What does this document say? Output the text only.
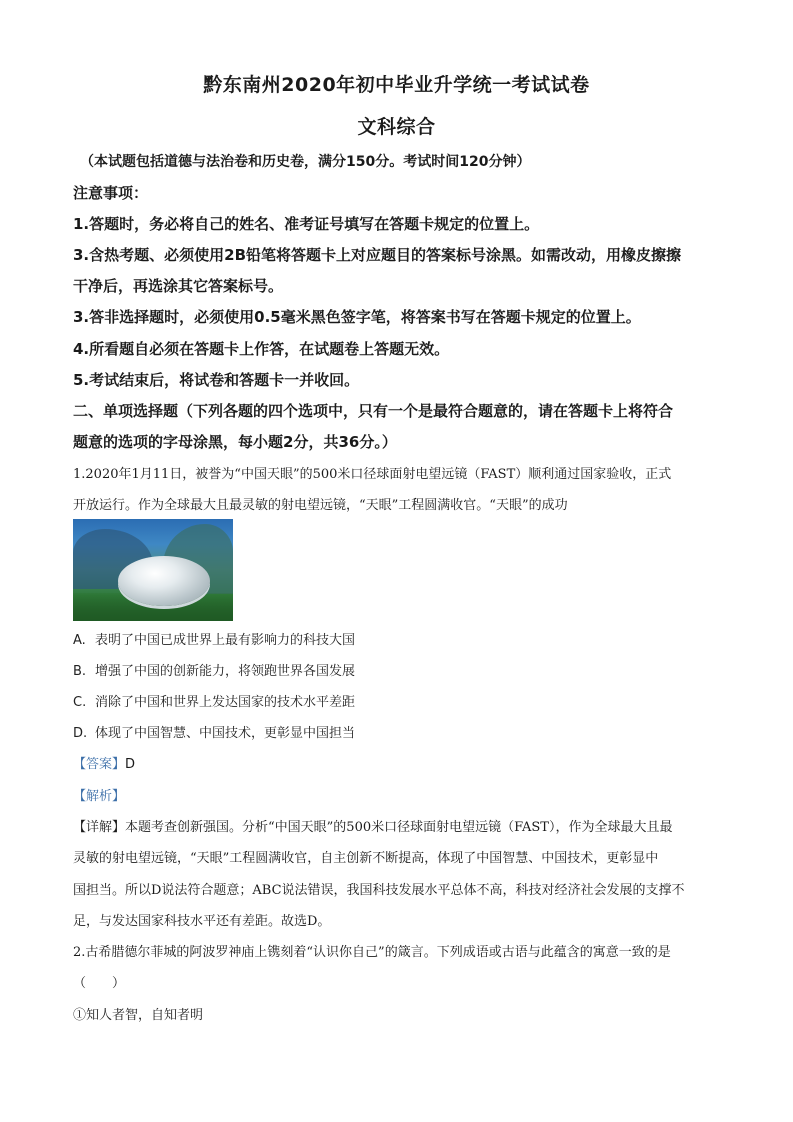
黔东南州2020年初中毕业升学统一考试试卷
文科综合
（本试题包括道德与法治卷和历史卷，满分150分。考试时间120分钟）
注意事项：
1.答题时，务必将自己的姓名、准考证号填写在答题卡规定的位置上。
3.含热考题、必须使用2B铅笔将答题卡上对应题目的答案标号涂黑。如需改动，用橡皮擦擦
干净后，再选涂其它答案标号。
3.答非选择题时，必须使用0.5毫米黑色签字笔，将答案书写在答题卡规定的位置上。
4.所看题自必须在答题卡上作答，在试题卷上答题无效。
5.考试结束后，将试卷和答题卡一并收回。
二、单项选择题（下列各题的四个选项中，只有一个是最符合题意的，请在答题卡上将符合
题意的选项的字母涂黑，每小题2分，共36分。）
1.2020年1月11日，被誉为“中国天眼”的500米口径球面射电望远镜（FAST）顺利通过国家验收，正式
开放运行。作为全球最大且最灵敏的射电望远镜，“天眼”工程圆满收官。“天眼”的成功
A. 表明了中国已成世界上最有影响力的科技大国
B. 增强了中国的创新能力，将领跑世界各国发展
C. 消除了中国和世界上发达国家的技术水平差距
D. 体现了中国智慧、中国技术，更彰显中国担当
【答案】D
【解析】
【详解】本题考查创新强国。分析“中国天眼”的500米口径球面射电望远镜（FAST），作为全球最大且最
灵敏的射电望远镜，“天眼”工程圆满收官，自主创新不断提高，体现了中国智慧、中国技术，更彰显中
国担当。所以D说法符合题意；ABC说法错误，我国科技发展水平总体不高，科技对经济社会发展的支撑不
足，与发达国家科技水平还有差距。故选D。
2.古希腊德尔菲城的阿波罗神庙上镌刻着“认识你自己”的箴言。下列成语或古语与此蕴含的寓意一致的是
（　　）
①知人者智，自知者明
